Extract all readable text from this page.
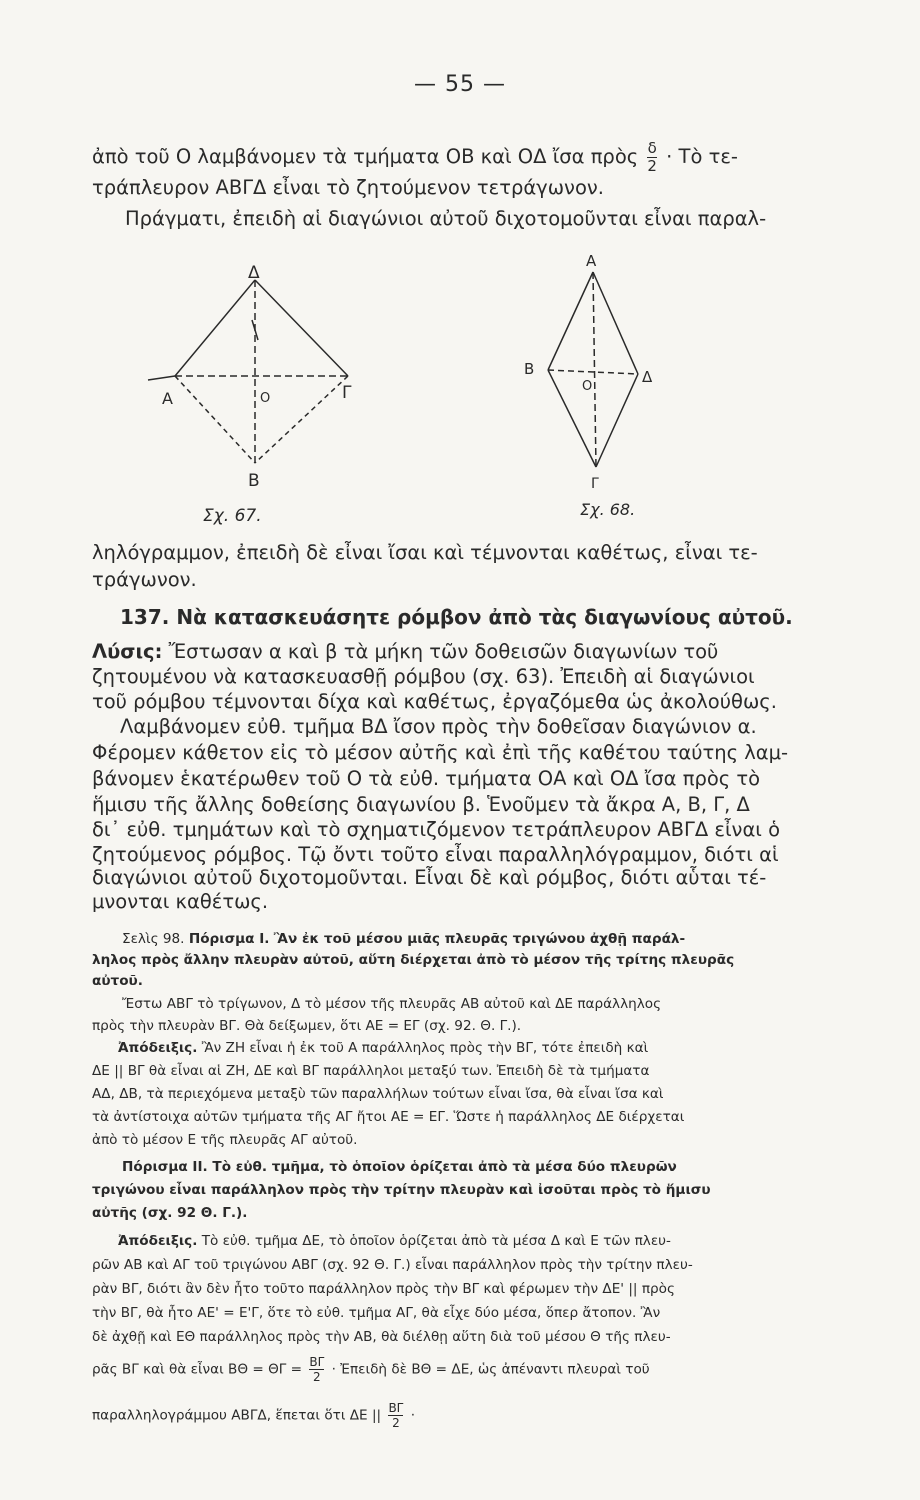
— 55 —
ἀπὸ τοῦ Ο λαμβάνομεν τὰ τμήματα ΟΒ καὶ ΟΔ ἴσα πρὸς $\frac{\delta}{2}$ · Τὸ τε-
τράπλευρον ΑΒΓΔ εἶναι τὸ ζητούμενον τετράγωνον.
Πράγματι, ἐπειδὴ αἱ διαγώνιοι αὐτοῦ διχοτομοῦνται εἶναι παραλ-
Δ
Α	Γ
Ο
Β
Σχ. 67.
Α
Β	Δ
Ο
Γ
Σχ. 68.
ληλόγραμμον, ἐπειδὴ δὲ εἶναι ἴσαι καὶ τέμνονται καθέτως, εἶναι τε-
τράγωνον.
137. Νὰ κατασκευάσητε ρόμβον ἀπὸ τὰς διαγωνίους αὐτοῦ.
Λύσις: Ἔστωσαν α καὶ β τὰ μήκη τῶν δοθεισῶν διαγωνίων τοῦ
ζητουμένου νὰ κατασκευασθῇ ρόμβου (σχ. 63). Ἐπειδὴ αἱ διαγώνιοι
τοῦ ρόμβου τέμνονται δίχα καὶ καθέτως, ἐργαζόμεθα ὡς ἀκολούθως.
Λαμβάνομεν εὐθ. τμῆμα ΒΔ ἴσον πρὸς τὴν δοθεῖσαν διαγώνιον α.
Φέρομεν κάθετον εἰς τὸ μέσον αὐτῆς καὶ ἐπὶ τῆς καθέτου ταύτης λαμ-
βάνομεν ἑκατέρωθεν τοῦ Ο τὰ εὐθ. τμήματα ΟΑ καὶ ΟΔ ἴσα πρὸς τὸ
ἥμισυ τῆς ἄλλης δοθείσης διαγωνίου β. Ἑνοῦμεν τὰ ἄκρα Α, Β, Γ, Δ
δι᾽ εὐθ. τμημάτων καὶ τὸ σχηματιζόμενον τετράπλευρον ΑΒΓΔ εἶναι ὁ
ζητούμενος ρόμβος. Τῷ ὄντι τοῦτο εἶναι παραλληλόγραμμον, διότι αἱ
διαγώνιοι αὐτοῦ διχοτομοῦνται. Εἶναι δὲ καὶ ρόμβος, διότι αὗται τέ-
μνονται καθέτως.
Σελὶς 98. Πόρισμα Ι. Ἂν ἐκ τοῦ μέσου μιᾶς πλευρᾶς τριγώνου ἀχθῇ παράλ-
ληλος πρὸς ἄλλην πλευρὰν αὐτοῦ, αὕτη διέρχεται ἀπὸ τὸ μέσον τῆς τρίτης πλευρᾶς
αὐτοῦ.
Ἔστω ΑΒΓ τὸ τρίγωνον, Δ τὸ μέσον τῆς πλευρᾶς ΑΒ αὐτοῦ καὶ ΔΕ παράλληλος
πρὸς τὴν πλευρὰν ΒΓ. Θὰ δείξωμεν, ὅτι ΑΕ = ΕΓ (σχ. 92. Θ. Γ.).
Ἀπόδειξις. Ἂν ΖΗ εἶναι ἡ ἐκ τοῦ Α παράλληλος πρὸς τὴν ΒΓ, τότε ἐπειδὴ καὶ
ΔΕ || ΒΓ θὰ εἶναι αἱ ΖΗ, ΔΕ καὶ ΒΓ παράλληλοι μεταξύ των. Ἐπειδὴ δὲ τὰ τμήματα
ΑΔ, ΔΒ, τὰ περιεχόμενα μεταξὺ τῶν παραλλήλων τούτων εἶναι ἴσα, θὰ εἶναι ἴσα καὶ
τὰ ἀντίστοιχα αὐτῶν τμήματα τῆς ΑΓ ἤτοι ΑΕ = ΕΓ. Ὥστε ἡ παράλληλος ΔΕ διέρχεται
ἀπὸ τὸ μέσον Ε τῆς πλευρᾶς ΑΓ αὐτοῦ.
Πόρισμα ΙΙ. Τὸ εὐθ. τμῆμα, τὸ ὁποῖον ὁρίζεται ἀπὸ τὰ μέσα δύο πλευρῶν
τριγώνου εἶναι παράλληλον πρὸς τὴν τρίτην πλευρὰν καὶ ἰσοῦται πρὸς τὸ ἥμισυ
αὐτῆς (σχ. 92 Θ. Γ.).
Ἀπόδειξις. Τὸ εὐθ. τμῆμα ΔΕ, τὸ ὁποῖον ὁρίζεται ἀπὸ τὰ μέσα Δ καὶ Ε τῶν πλευ-
ρῶν ΑΒ καὶ ΑΓ τοῦ τριγώνου ΑΒΓ (σχ. 92 Θ. Γ.) εἶναι παράλληλον πρὸς τὴν τρίτην πλευ-
ρὰν ΒΓ, διότι ἂν δὲν ἦτο τοῦτο παράλληλον πρὸς τὴν ΒΓ καὶ φέρωμεν τὴν ΔΕ' || πρὸς
τὴν ΒΓ, θὰ ἦτο ΑΕ' = Ε'Γ, ὅτε τὸ εὐθ. τμῆμα ΑΓ, θὰ εἶχε δύο μέσα, ὅπερ ἄτοπον. Ἂν
δὲ ἀχθῇ καὶ ΕΘ παράλληλος πρὸς τὴν ΑΒ, θὰ διέλθῃ αὕτη διὰ τοῦ μέσου Θ τῆς πλευ-
ρᾶς ΒΓ καὶ θὰ εἶναι $B\Theta = \Theta\Gamma = \frac{B\Gamma}{2}$ · Ἐπειδὴ δὲ ΒΘ = ΔΕ, ὡς ἀπέναντι πλευραὶ τοῦ
παραλληλογράμμου ΑΒΓΔ, ἕπεται ὅτι ΔΕ || $\frac{B\Gamma}{2}$ ·
